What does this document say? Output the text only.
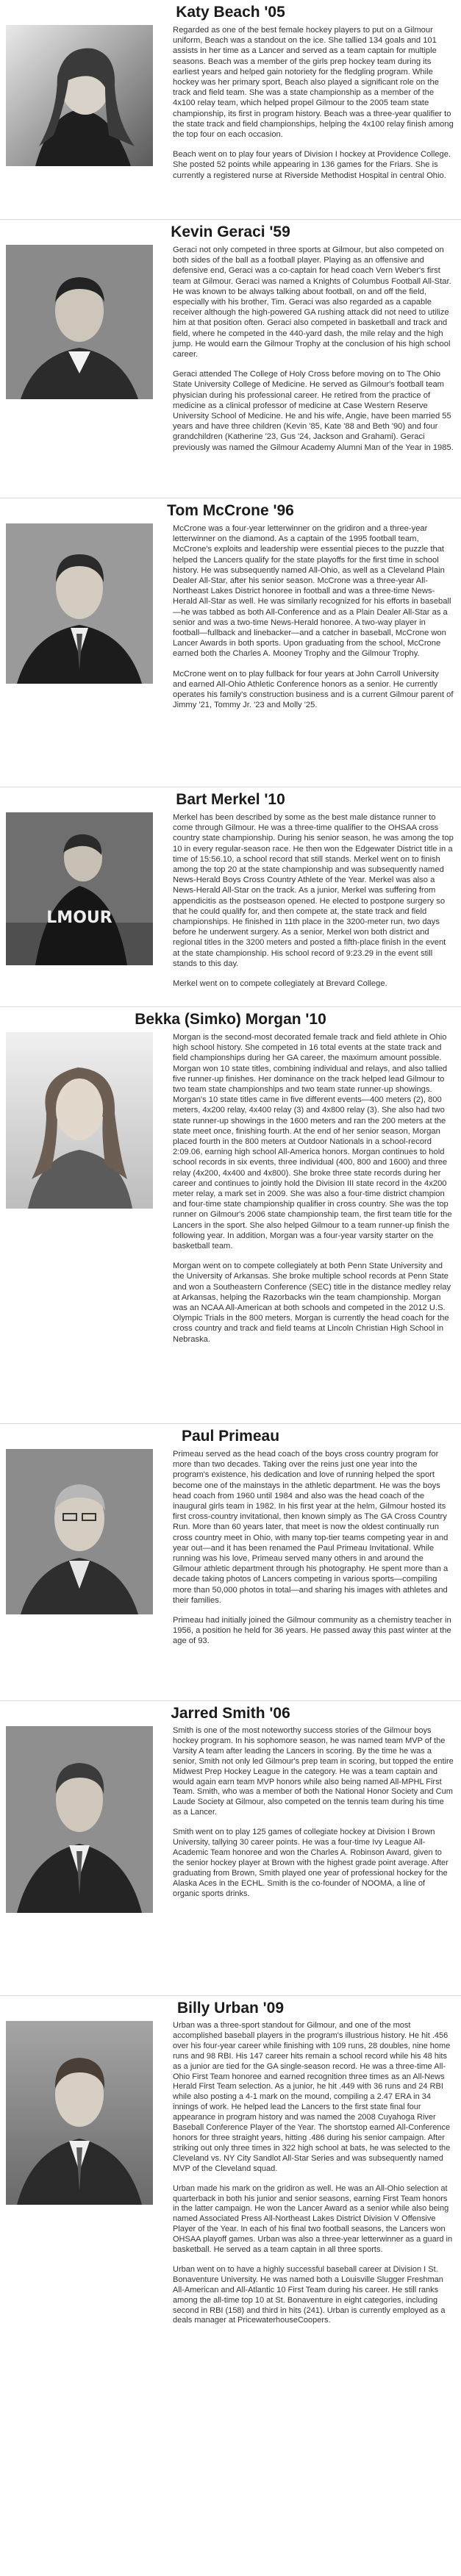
Katy Beach '05

Regarded as one of the best female hockey players to put on a Gilmour uniform, Beach was a standout on the ice. She tallied 134 goals and 101 assists in her time as a Lancer and served as a team captain for multiple seasons. Beach was a member of the girls prep hockey team during its earliest years and helped gain notoriety for the fledgling program. While hockey was her primary sport, Beach also played a significant role on the track and field team. She was a state championship as a member of the 4x100 relay team, which helped propel Gilmour to the 2005 team state championship, its first in program history. Beach was a three-year qualifier to the state track and field championships, helping the 4x100 relay finish among the top four on each occasion.

Beach went on to play four years of Division I hockey at Providence College. She posted 52 points while appearing in 136 games for the Friars. She is currently a registered nurse at Riverside Methodist Hospital in central Ohio.

Kevin Geraci '59

Geraci not only competed in three sports at Gilmour, but also competed on both sides of the ball as a football player. Playing as an offensive and defensive end, Geraci was a co-captain for head coach Vern Weber's first team at Gilmour. Geraci was named a Knights of Columbus Football All-Star. He was known to be always talking about football, on and off the field, especially with his brother, Tim. Geraci was also regarded as a capable receiver although the high-powered GA rushing attack did not need to utilize him at that position often. Geraci also competed in basketball and track and field, where he competed in the 440-yard dash, the mile relay and the high jump. He would earn the Gilmour Trophy at the conclusion of his high school career.

Geraci attended The College of Holy Cross before moving on to The Ohio State University College of Medicine. He served as Gilmour's football team physician during his professional career. He retired from the practice of medicine as a clinical professor of medicine at Case Western Reserve University School of Medicine. He and his wife, Angie, have been married 55 years and have three children (Kevin '85, Kate '88 and Beth '90) and four grandchildren (Katherine '23, Gus '24, Jackson and Grahami). Geraci previously was named the Gilmour Academy Alumni Man of the Year in 1985.

Tom McCrone '96

McCrone was a four-year letterwinner on the gridiron and a three-year letterwinner on the diamond. As a captain of the 1995 football team, McCrone's exploits and leadership were essential pieces to the puzzle that helped the Lancers qualify for the state playoffs for the first time in school history. He was subsequently named All-Ohio, as well as a Cleveland Plain Dealer All-Star, after his senior season. McCrone was a three-year All-Northeast Lakes District honoree in football and was a three-time News-Herald All-Star as well. He was similarly recognized for his efforts in baseball—he was tabbed as both All-Conference and as a Plain Dealer All-Star as a senior and was a two-time News-Herald honoree. A two-way player in football—fullback and linebacker—and a catcher in baseball, McCrone won Lancer Awards in both sports. Upon graduating from the school, McCrone earned both the Charles A. Mooney Trophy and the Gilmour Trophy.

McCrone went on to play fullback for four years at John Carroll University and earned All-Ohio Athletic Conference honors as a senior. He currently operates his family's construction business and is a current Gilmour parent of Jimmy '21, Tommy Jr. '23 and Molly '25.

Bart Merkel '10
LMOUR

Merkel has been described by some as the best male distance runner to come through Gilmour. He was a three-time qualifier to the OHSAA cross country state championship. During his senior season, he was among the top 10 in every regular-season race. He then won the Edgewater District title in a time of 15:56.10, a school record that still stands. Merkel went on to finish among the top 20 at the state championship and was subsequently named News-Herald Boys Cross Country Athlete of the Year. Merkel was also a News-Herald All-Star on the track. As a junior, Merkel was suffering from appendicitis as the postseason opened. He elected to postpone surgery so that he could qualify for, and then compete at, the state track and field championships. He finished in 11th place in the 3200-meter run, two days before he underwent surgery. As a senior, Merkel won both district and regional titles in the 3200 meters and posted a fifth-place finish in the event at the state championship. His school record of 9:23.29 in the event still stands to this day.

Merkel went on to compete collegiately at Brevard College.

Bekka (Simko) Morgan '10

Morgan is the second-most decorated female track and field athlete in Ohio high school history. She competed in 16 total events at the state track and field championships during her GA career, the maximum amount possible. Morgan won 10 state titles, combining individual and relays, and also tallied five runner-up finishes. Her dominance on the track helped lead Gilmour to two team state championships and two team state runner-up showings. Morgan's 10 state titles came in five different events—400 meters (2), 800 meters, 4x200 relay, 4x400 relay (3) and 4x800 relay (3). She also had two state runner-up showings in the 1600 meters and ran the 200 meters at the state meet once, finishing fourth. At the end of her senior season, Morgan placed fourth in the 800 meters at Outdoor Nationals in a school-record 2:09.06, earning high school All-America honors. Morgan continues to hold school records in six events, three individual (400, 800 and 1600) and three relay (4x200, 4x400 and 4x800). She broke three state records during her career and continues to jointly hold the Division III state record in the 4x200 meter relay, a mark set in 2009. She was also a four-time district champion and four-time state championship qualifier in cross country. She was the top runner on Gilmour's 2006 state championship team, the first team title for the Lancers in the sport. She also helped Gilmour to a team runner-up finish the following year. In addition, Morgan was a four-year varsity starter on the basketball team.

Morgan went on to compete collegiately at both Penn State University and the University of Arkansas. She broke multiple school records at Penn State and won a Southeastern Conference (SEC) title in the distance medley relay at Arkansas, helping the Razorbacks win the team championship. Morgan was an NCAA All-American at both schools and competed in the 2012 U.S. Olympic Trials in the 800 meters. Morgan is currently the head coach for the cross country and track and field teams at Lincoln Christian High School in Nebraska.

Paul Primeau

Primeau served as the head coach of the boys cross country program for more than two decades. Taking over the reins just one year into the program's existence, his dedication and love of running helped the sport become one of the mainstays in the athletic department. He was the boys head coach from 1960 until 1984 and also was the head coach of the inaugural girls team in 1982. In his first year at the helm, Gilmour hosted its first cross-country invitational, then known simply as The GA Cross Country Run. More than 60 years later, that meet is now the oldest continually run cross country meet in Ohio, with many top-tier teams competing year in and year out—and it has been renamed the Paul Primeau Invitational. While running was his love, Primeau served many others in and around the Gilmour athletic department through his photography. He spent more than a decade taking photos of Lancers competing in various sports—compiling more than 50,000 photos in total—and sharing his images with athletes and their families.

Primeau had initially joined the Gilmour community as a chemistry teacher in 1956, a position he held for 36 years. He passed away this past winter at the age of 93.

Jarred Smith '06

Smith is one of the most noteworthy success stories of the Gilmour boys hockey program. In his sophomore season, he was named team MVP of the Varsity A team after leading the Lancers in scoring. By the time he was a senior, Smith not only led Gilmour's prep team in scoring, but topped the entire Midwest Prep Hockey League in the category. He was a team captain and would again earn team MVP honors while also being named All-MPHL First Team. Smith, who was a member of both the National Honor Society and Cum Laude Society at Gilmour, also competed on the tennis team during his time as a Lancer.

Smith went on to play 125 games of collegiate hockey at Division I Brown University, tallying 30 career points. He was a four-time Ivy League All-Academic Team honoree and won the Charles A. Robinson Award, given to the senior hockey player at Brown with the highest grade point average. After graduating from Brown, Smith played one year of professional hockey for the Alaska Aces in the ECHL. Smith is the co-founder of NOOMA, a line of organic sports drinks.

Billy Urban '09

Urban was a three-sport standout for Gilmour, and one of the most accomplished baseball players in the program's illustrious history. He hit .456 over his four-year career while finishing with 109 runs, 28 doubles, nine home runs and 98 RBI. His 147 career hits remain a school record while his 48 hits as a junior are tied for the GA single-season record. He was a three-time All-Ohio First Team honoree and earned recognition three times as an All-News Herald First Team selection. As a junior, he hit .449 with 36 runs and 24 RBI while also posting a 4-1 mark on the mound, compiling a 2.47 ERA in 34 innings of work. He helped lead the Lancers to the first state final four appearance in program history and was named the 2008 Cuyahoga River Baseball Conference Player of the Year. The shortstop earned All-Conference honors for three straight years, hitting .486 during his senior campaign. After striking out only three times in 322 high school at bats, he was selected to the Cleveland vs. NY City Sandlot All-Star Series and was subsequently named MVP of the Cleveland squad.

Urban made his mark on the gridiron as well. He was an All-Ohio selection at quarterback in both his junior and senior seasons, earning First Team honors in the latter campaign. He won the Lancer Award as a senior while also being named Associated Press All-Northeast Lakes District Division V Offensive Player of the Year. In each of his final two football seasons, the Lancers won OHSAA playoff games. Urban was also a three-year letterwinner as a guard in basketball. He served as a team captain in all three sports.

Urban went on to have a highly successful baseball career at Division I St. Bonaventure University. He was named both a Louisville Slugger Freshman All-American and All-Atlantic 10 First Team during his career. He still ranks among the all-time top 10 at St. Bonaventure in eight categories, including second in RBI (158) and third in hits (241). Urban is currently employed as a deals manager at PricewaterhouseCoopers.
